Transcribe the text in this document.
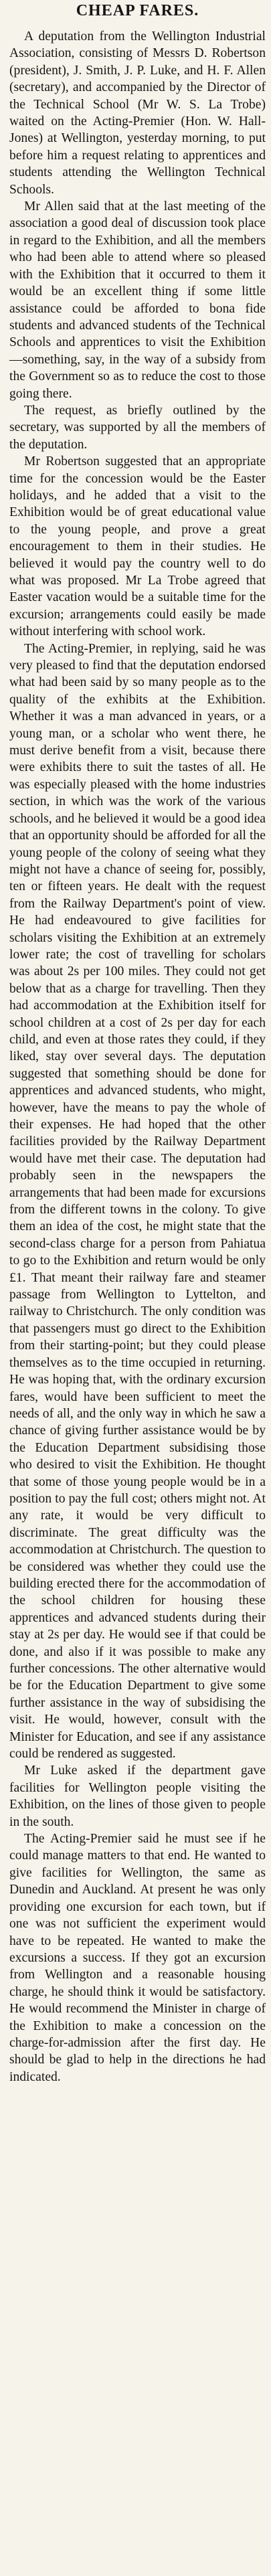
CHEAP FARES.

A deputation from the Wellington Industrial Association, consisting of Messrs D. Robertson (president), J. Smith, J. P. Luke, and H. F. Allen (secretary), and accompanied by the Director of the Technical School (Mr W. S. La Trobe) waited on the Acting-Premier (Hon. W. Hall-Jones) at Wellington, yesterday morning, to put before him a request relating to apprentices and students attending the Wellington Technical Schools.

Mr Allen said that at the last meeting of the association a good deal of discussion took place in regard to the Exhibition, and all the members who had been able to attend where so pleased with the Exhibition that it occurred to them it would be an excellent thing if some little assistance could be afforded to bona fide students and advanced students of the Technical Schools and apprentices to visit the Exhibition—something, say, in the way of a subsidy from the Government so as to reduce the cost to those going there.

The request, as briefly outlined by the secretary, was supported by all the members of the deputation.

Mr Robertson suggested that an appropriate time for the concession would be the Easter holidays, and he added that a visit to the Exhibition would be of great educational value to the young people, and prove a great encouragement to them in their studies. He believed it would pay the country well to do what was proposed. Mr La Trobe agreed that Easter vacation would be a suitable time for the excursion; arrangements could easily be made without interfering with school work.

The Acting-Premier, in replying, said he was very pleased to find that the deputation endorsed what had been said by so many people as to the quality of the exhibits at the Exhibition. Whether it was a man advanced in years, or a young man, or a scholar who went there, he must derive benefit from a visit, because there were exhibits there to suit the tastes of all. He was especially pleased with the home industries section, in which was the work of the various schools, and he believed it would be a good idea that an opportunity should be afforded for all the young people of the colony of seeing what they might not have a chance of seeing for, possibly, ten or fifteen years. He dealt with the request from the Railway Department's point of view. He had endeavoured to give facilities for scholars visiting the Exhibition at an extremely lower rate; the cost of travelling for scholars was about 2s per 100 miles. They could not get below that as a charge for travelling. Then they had accommodation at the Exhibition itself for school children at a cost of 2s per day for each child, and even at those rates they could, if they liked, stay over several days. The deputation suggested that something should be done for apprentices and advanced students, who might, however, have the means to pay the whole of their expenses. He had hoped that the other facilities provided by the Railway Department would have met their case. The deputation had probably seen in the newspapers the arrangements that had been made for excursions from the different towns in the colony. To give them an idea of the cost, he might state that the second-class charge for a person from Pahiatua to go to the Exhibition and return would be only £1. That meant their railway fare and steamer passage from Wellington to Lyttelton, and railway to Christchurch. The only condition was that passengers must go direct to the Exhibition from their starting-point; but they could please themselves as to the time occupied in returning. He was hoping that, with the ordinary excursion fares, would have been sufficient to meet the needs of all, and the only way in which he saw a chance of giving further assistance would be by the Education Department subsidising those who desired to visit the Exhibition. He thought that some of those young people would be in a position to pay the full cost; others might not. At any rate, it would be very difficult to discriminate. The great difficulty was the accommodation at Christchurch. The question to be considered was whether they could use the building erected there for the accommodation of the school children for housing these apprentices and advanced students during their stay at 2s per day. He would see if that could be done, and also if it was possible to make any further concessions. The other alternative would be for the Education Department to give some further assistance in the way of subsidising the visit. He would, however, consult with the Minister for Education, and see if any assistance could be rendered as suggested.

Mr Luke asked if the department gave facilities for Wellington people visiting the Exhibition, on the lines of those given to people in the south.

The Acting-Premier said he must see if he could manage matters to that end. He wanted to give facilities for Wellington, the same as Dunedin and Auckland. At present he was only providing one excursion for each town, but if one was not sufficient the experiment would have to be repeated. He wanted to make the excursions a success. If they got an excursion from Wellington and a reasonable housing charge, he should think it would be satisfactory. He would recommend the Minister in charge of the Exhibition to make a concession on the charge-for-admission after the first day. He should be glad to help in the directions he had indicated.
